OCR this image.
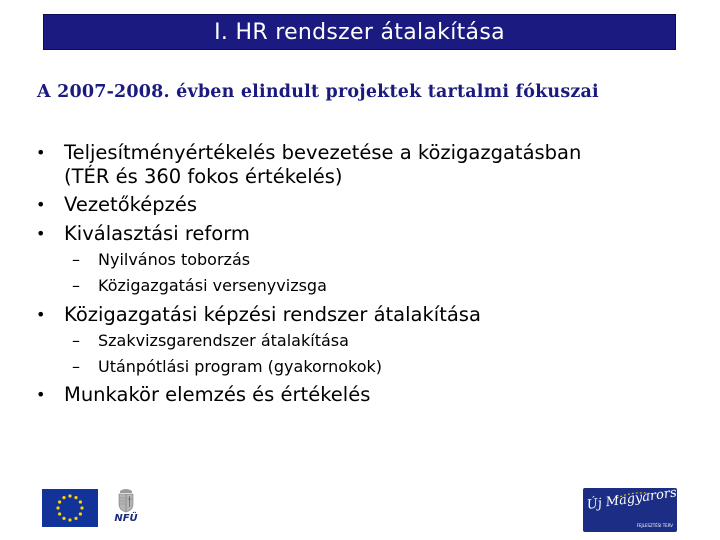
I. HR rendszer átalakítása
A 2007-2008. évben elindult projektek tartalmi fókuszai
• Teljesítményértékelés bevezetése a közigazgatásban
(TÉR és 360 fokos értékelés)
• Vezetőképzés
• Kiválasztási reform
– Nyilvános toborzás
– Közigazgatási versenyvizsga
• Közigazgatási képzési rendszer átalakítása
– Szakvizsgarendszer átalakítása
– Utánpótlási program (gyakornokok)
• Munkakör elemzés és értékelés
NFÜ
Új Magyarország
FEJLESZTÉSI TERV
